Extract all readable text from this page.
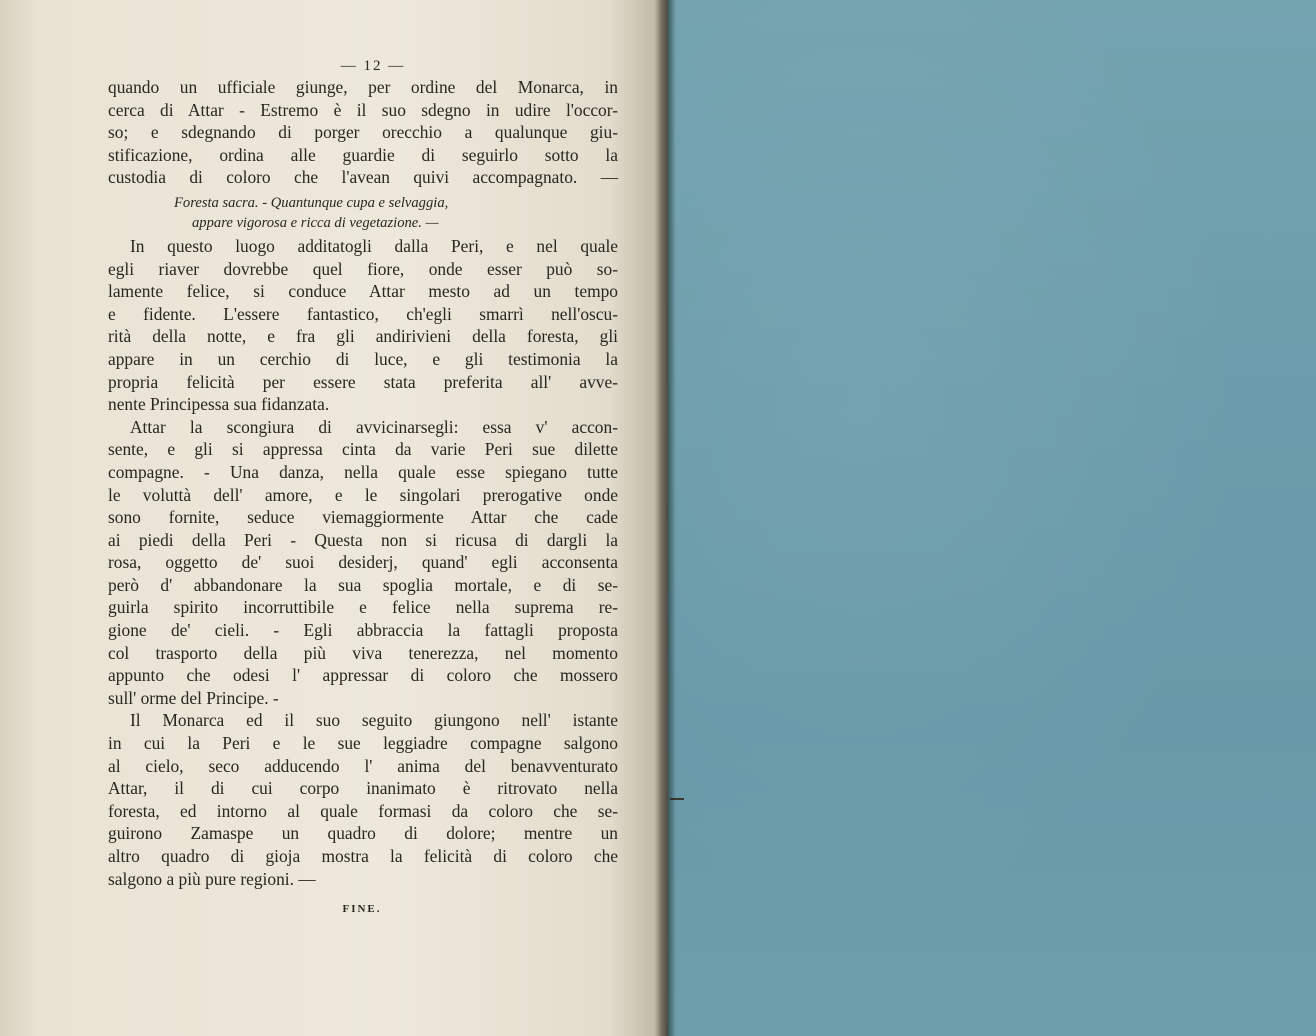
— 12 —
quando un ufficiale giunge, per ordine del Monarca, in
cerca di Attar - Estremo è il suo sdegno in udire l'occor-
so; e sdegnando di porger orecchio a qualunque giu-
stificazione, ordina alle guardie di seguirlo sotto la
custodia di coloro che l'avean quivi accompagnato. —
Foresta sacra. - Quantunque cupa e selvaggia,
appare vigorosa e ricca di vegetazione. —
In questo luogo additatogli dalla Peri, e nel quale
egli riaver dovrebbe quel fiore, onde esser può so-
lamente felice, si conduce Attar mesto ad un tempo
e fidente. L'essere fantastico, ch'egli smarrì nell'oscu-
rità della notte, e fra gli andirivieni della foresta, gli
appare in un cerchio di luce, e gli testimonia la
propria felicità per essere stata preferita all' avve-
nente Principessa sua fidanzata.
Attar la scongiura di avvicinarsegli: essa v' accon-
sente, e gli si appressa cinta da varie Peri sue dilette
compagne. - Una danza, nella quale esse spiegano tutte
le voluttà dell' amore, e le singolari prerogative onde
sono fornite, seduce viemaggiormente Attar che cade
ai piedi della Peri - Questa non si ricusa di dargli la
rosa, oggetto de' suoi desiderj, quand' egli acconsenta
però d' abbandonare la sua spoglia mortale, e di se-
guirla spirito incorruttibile e felice nella suprema re-
gione de' cieli. - Egli abbraccia la fattagli proposta
col trasporto della più viva tenerezza, nel momento
appunto che odesi l' appressar di coloro che mossero
sull' orme del Principe. -
Il Monarca ed il suo seguito giungono nell' istante
in cui la Peri e le sue leggiadre compagne salgono
al cielo, seco adducendo l' anima del benavventurato
Attar, il di cui corpo inanimato è ritrovato nella
foresta, ed intorno al quale formasi da coloro che se-
guirono Zamaspe un quadro di dolore; mentre un
altro quadro di gioja mostra la felicità di coloro che
salgono a più pure regioni. —
FINE.
